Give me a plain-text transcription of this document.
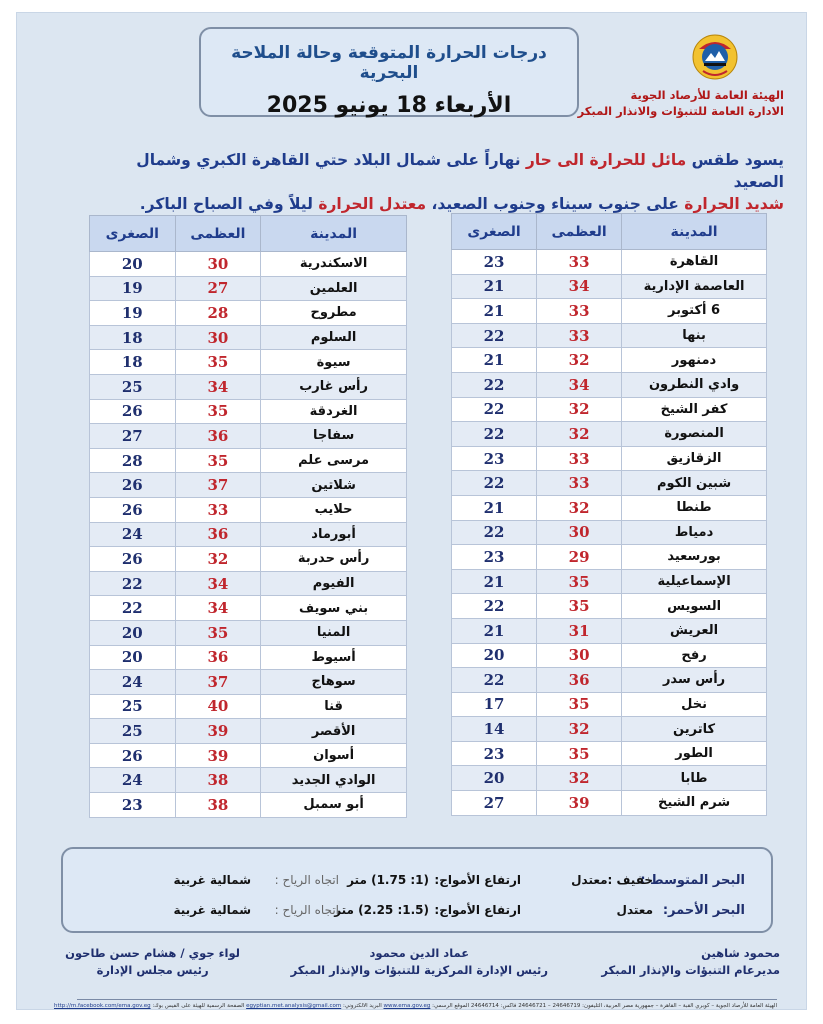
درجات الحرارة المتوقعة وحالة الملاحة البحرية
الأربعاء 18 يونيو 2025	الهيئة العامة للأرصاد الجوية
الادارة العامة للتنبؤات والانذار المبكر
يسود طقس مائل للحرارة الى حار نهاراً على شمال البلاد حتي القاهرة الكبري وشمال الصعيد
شديد الحرارة على جنوب سيناء وجنوب الصعيد، معتدل الحرارة ليلاً وفي الصباح الباكر.
المدينة	العظمى	الصغرى
القاهرة	33	23
العاصمة الإدارية	34	21
6 أكتوبر	33	21
بنها	33	22
دمنهور	32	21
وادي النطرون	34	22
كفر الشيخ	32	22
المنصورة	32	22
الزقازيق	33	23
شبين الكوم	33	22
طنطا	32	21
دمياط	30	22
بورسعيد	29	23
الإسماعيلية	35	21
السويس	35	22
العريش	31	21
رفح	30	20
رأس سدر	36	22
نخل	35	17
كاترين	32	14
الطور	35	23
طابا	32	20
شرم الشيخ	39	27
المدينة	العظمى	الصغرى
الاسكندرية	30	20
العلمين	27	19
مطروح	28	19
السلوم	30	18
سيوة	35	18
رأس غارب	34	25
الغردقة	35	26
سفاجا	36	27
مرسى علم	35	28
شلاتين	37	26
حلايب	33	26
أبورماد	36	24
رأس حدربة	32	26
الفيوم	34	22
بني سويف	34	22
المنيا	35	20
أسيوط	36	20
سوهاج	37	24
قنا	40	25
الأقصر	39	25
أسوان	39	26
الوادي الجديد	38	24
أبو سمبل	38	23
البحر المتوسط :
خفيف :معتدل
ارتفاع الأمواج:
(1: 1.75) متر
اتجاه الرياح :
شمالية غربية
البحر الأحمر:
معتدل
ارتفاع الأمواج:
(1.5: 2.25) متر
اتجاه الرياح :
شمالية غربية
محمود شاهين
مديرعام التنبؤات والإنذار المبكر
عماد الدين محمود
رئيس الإدارة المركزية للتنبؤات والإنذار المبكر
لواء جوي / هشام حسن طاحون
رئيس مجلس الإدارة
الهيئة العامة للأرصاد الجوية – كوبري القبة – القاهرة – جمهورية مصر العربية، التليفون: 24646719 – 24646721 فاكس: 24646714 الموقع الرسمي: www.ema.gov.eg البريد الالكتروني: egyptian.met.analysis@gmail.com الصفحة الرسمية للهيئة على الفيس بوك: http://m.facebook.com/ema.gov.eg
